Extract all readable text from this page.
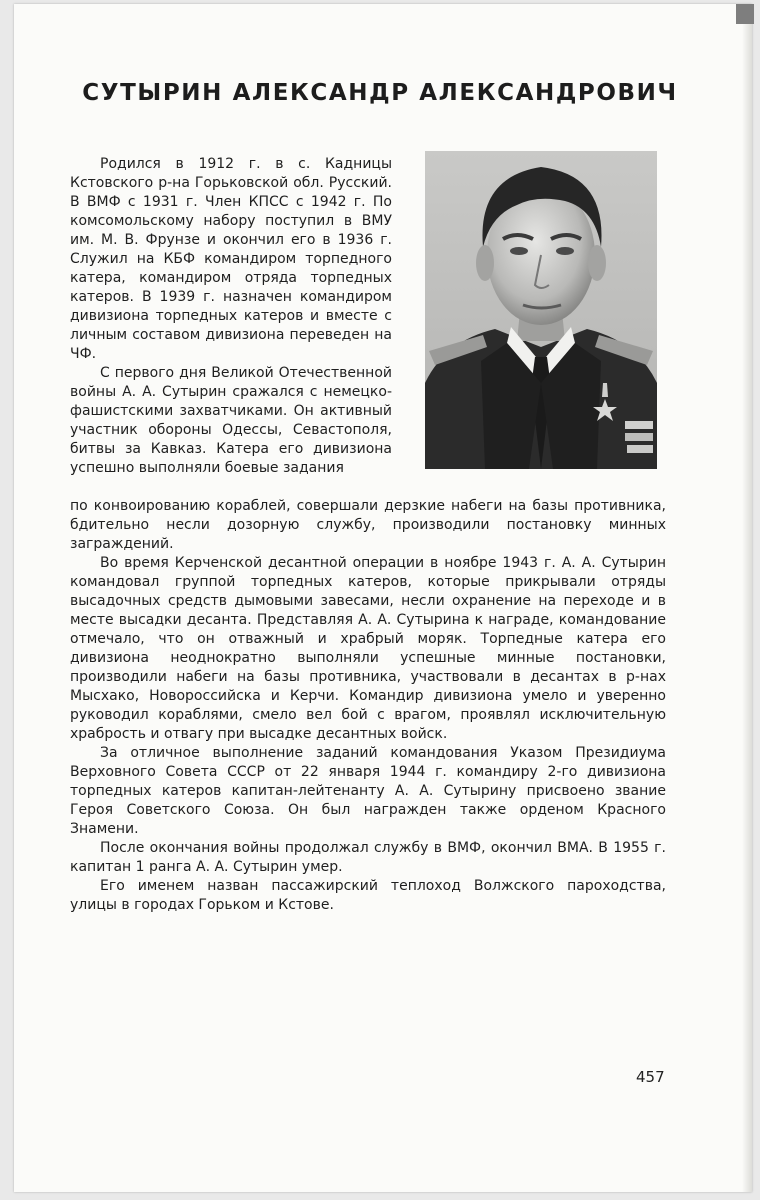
СУТЫРИН АЛЕКСАНДР АЛЕКСАНДРОВИЧ

Родился в 1912 г. в с. Кадницы Кстовского р-на Горьковской обл. Русский. В ВМФ с 1931 г. Член КПСС с 1942 г. По комсомольскому набору поступил в ВМУ им. М. В. Фрунзе и окончил его в 1936 г. Служил на КБФ командиром торпедного катера, командиром отряда торпедных катеров. В 1939 г. назначен командиром дивизиона торпедных катеров и вместе с личным составом дивизиона переведен на ЧФ.

С первого дня Великой Отечественной войны А. А. Сутырин сражался с немецко-фашистскими захватчиками. Он активный участник обороны Одессы, Севастополя, битвы за Кавказ. Катера его дивизиона успешно выполняли боевые задания

по конвоированию кораблей, совершали дерзкие набеги на базы противника, бдительно несли дозорную службу, производили постановку минных заграждений.

Во время Керченской десантной операции в ноябре 1943 г. А. А. Сутырин командовал группой торпедных катеров, которые прикрывали отряды высадочных средств дымовыми завесами, несли охранение на переходе и в месте высадки десанта. Представляя А. А. Сутырина к награде, командование отмечало, что он отважный и храбрый моряк. Торпедные катера его дивизиона неоднократно выполняли успешные минные постановки, производили набеги на базы противника, участвовали в десантах в р-нах Мысхако, Новороссийска и Керчи. Командир дивизиона умело и уверенно руководил кораблями, смело вел бой с врагом, проявлял исключительную храбрость и отвагу при высадке десантных войск.

За отличное выполнение заданий командования Указом Президиума Верховного Совета СССР от 22 января 1944 г. командиру 2-го дивизиона торпедных катеров капитан-лейтенанту А. А. Сутырину присвоено звание Героя Советского Союза. Он был награжден также орденом Красного Знамени.

После окончания войны продолжал службу в ВМФ, окончил ВМА. В 1955 г. капитан 1 ранга А. А. Сутырин умер.

Его именем назван пассажирский теплоход Волжского пароходства, улицы в городах Горьком и Кстове.

457
